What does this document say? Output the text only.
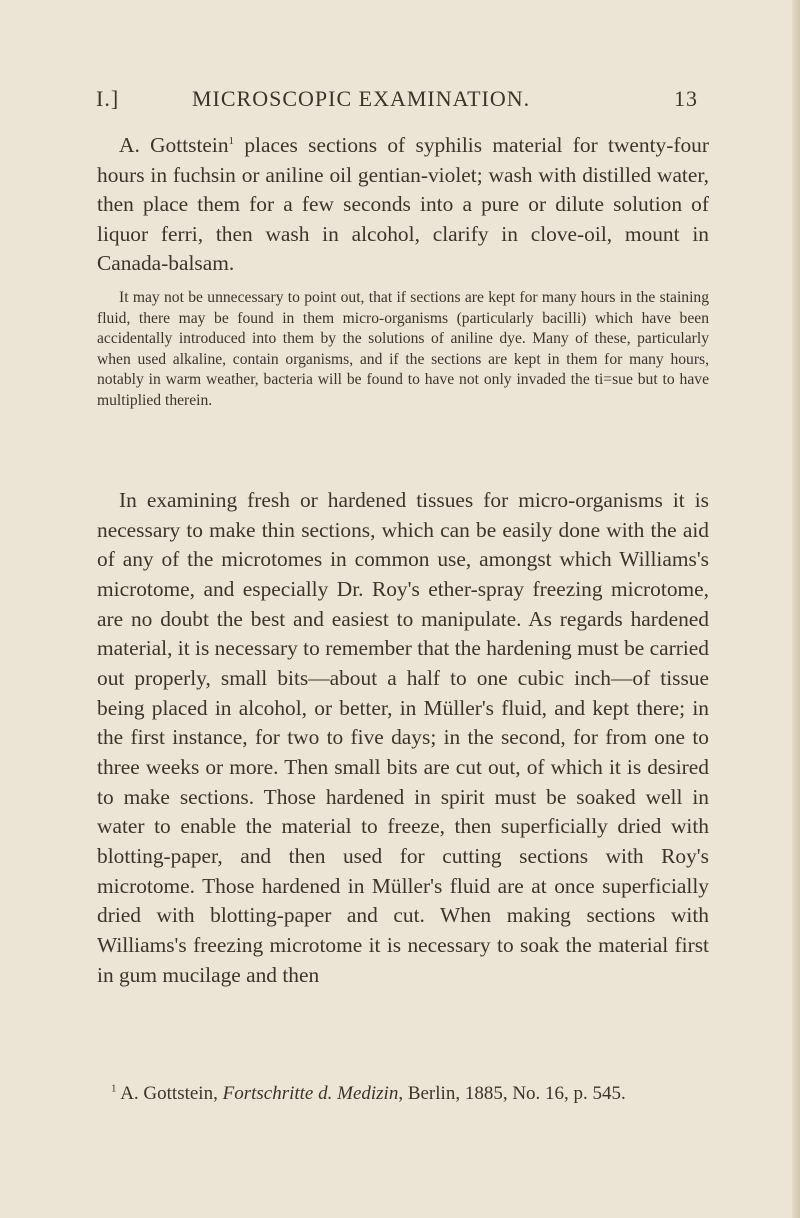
I.]	MICROSCOPIC EXAMINATION.	13

A. Gottstein$^1$ places sections of syphilis material for twenty-four hours in fuchsin or aniline oil gentian-violet; wash with distilled water, then place them for a few seconds into a pure or dilute solution of liquor ferri, then wash in alcohol, clarify in clove-oil, mount in Canada-balsam.

It may not be unnecessary to point out, that if sections are kept for many hours in the staining fluid, there may be found in them micro-organisms (particularly bacilli) which have been accidentally introduced into them by the solutions of aniline dye. Many of these, particularly when used alkaline, contain organisms, and if the sections are kept in them for many hours, notably in warm weather, bacteria will be found to have not only invaded the ti=sue but to have multiplied therein.

In examining fresh or hardened tissues for micro-organisms it is necessary to make thin sections, which can be easily done with the aid of any of the microtomes in common use, amongst which Williams's microtome, and especially Dr. Roy's ether-spray freezing microtome, are no doubt the best and easiest to manipulate. As regards hardened material, it is necessary to remember that the hardening must be carried out properly, small bits—about a half to one cubic inch—of tissue being placed in alcohol, or better, in Müller's fluid, and kept there; in the first instance, for two to five days; in the second, for from one to three weeks or more. Then small bits are cut out, of which it is desired to make sections. Those hardened in spirit must be soaked well in water to enable the material to freeze, then superficially dried with blotting-paper, and then used for cutting sections with Roy's microtome. Those hardened in Müller's fluid are at once superficially dried with blotting-paper and cut. When making sections with Williams's freezing microtome it is necessary to soak the material first in gum mucilage and then

$^1$ A. Gottstein, Fortschritte d. Medizin, Berlin, 1885, No. 16, p. 545.
